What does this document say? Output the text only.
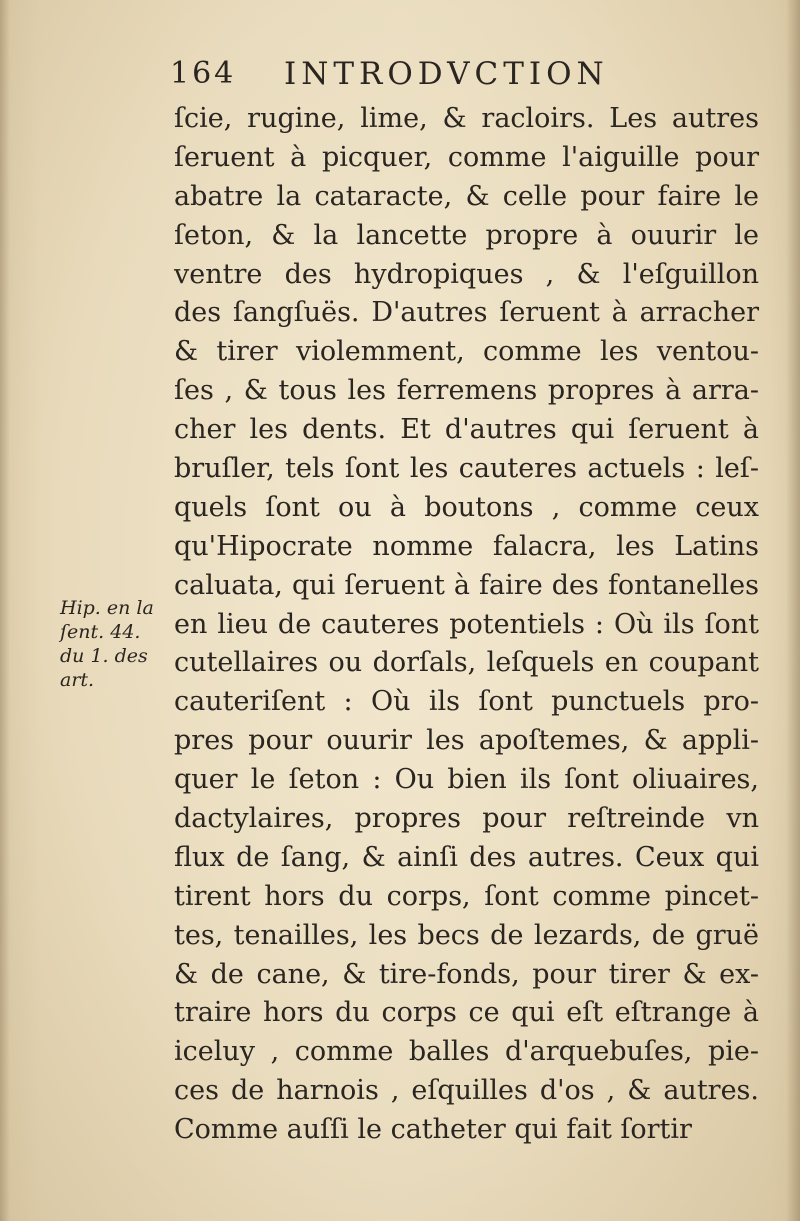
164 INTRODVCTION
Hip. en la
ſent. 44.
du 1. des
art.
ſcie, rugine, lime, & racloirs. Les autres
ſeruent à picquer, comme l'aiguille pour
abatre la cataracte, & celle pour faire le
ſeton, & la lancette propre à ouurir le
ventre des hydropiques , & l'eſguillon
des ſangſuës. D'autres ſeruent à arracher
& tirer violemment, comme les ventou-
ſes , & tous les ferremens propres à arra-
cher les dents. Et d'autres qui ſeruent à
bruſler, tels ſont les cauteres actuels : leſ-
quels ſont ou à boutons , comme ceux
qu'Hipocrate nomme falacra, les Latins
caluata, qui ſeruent à faire des fontanelles
en lieu de cauteres potentiels : Où ils ſont
cutellaires ou dorſals, leſquels en coupant
cauteriſent : Où ils ſont punctuels pro-
pres pour ouurir les apoſtemes, & appli-
quer le ſeton : Ou bien ils ſont oliuaires,
dactylaires, propres pour reſtreinde vn
flux de ſang, & ainſi des autres. Ceux qui
tirent hors du corps, ſont comme pincet-
tes, tenailles, les becs de lezards, de gruë
& de cane, & tire-fonds, pour tirer & ex-
traire hors du corps ce qui eſt eſtrange à
iceluy , comme balles d'arquebuſes, pie-
ces de harnois , eſquilles d'os , & autres.
Comme auſſi le catheter qui fait ſortir
